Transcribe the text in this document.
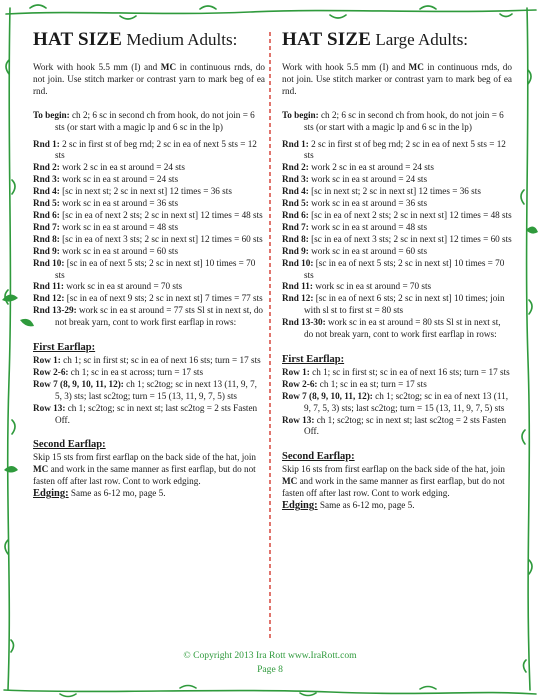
HAT SIZE Medium Adults:

Work with hook 5.5 mm (I) and MC in continuous rnds, do not join. Use stitch marker or contrast yarn to mark beg of ea rnd.

To begin: ch 2; 6 sc in second ch from hook, do not join = 6 sts (or start with a magic lp and 6 sc in the lp)

Rnd 1: 2 sc in first st of beg rnd; 2 sc in ea of next 5 sts = 12 sts

Rnd 2: work 2 sc in ea st around = 24 sts

Rnd 3: work sc in ea st around = 24 sts

Rnd 4: [sc in next st; 2 sc in next st] 12 times = 36 sts

Rnd 5: work sc in ea st around = 36 sts

Rnd 6: [sc in ea of next 2 sts; 2 sc in next st] 12 times = 48 sts

Rnd 7: work sc in ea st around = 48 sts

Rnd 8: [sc in ea of next 3 sts; 2 sc in next st] 12 times = 60 sts

Rnd 9: work sc in ea st around = 60 sts

Rnd 10: [sc in ea of next 5 sts; 2 sc in next st] 10 times = 70 sts

Rnd 11: work sc in ea st around = 70 sts

Rnd 12: [sc in ea of next 9 sts; 2 sc in next st] 7 times = 77 sts

Rnd 13-29: work sc in ea st around = 77 sts Sl st in next st, do not break yarn, cont to work first earflap in rows:

First Earflap:

Row 1: ch 1; sc in first st; sc in ea of next 16 sts; turn = 17 sts

Row 2-6: ch 1; sc in ea st across; turn = 17 sts

Row 7 (8, 9, 10, 11, 12): ch 1; sc2tog; sc in next 13 (11, 9, 7, 5, 3) sts; last sc2tog; turn = 15 (13, 11, 9, 7, 5) sts

Row 13: ch 1; sc2tog; sc in next st; last sc2tog = 2 sts Fasten Off.

Second Earflap:

Skip 15 sts from first earflap on the back side of the hat, join MC and work in the same manner as first earflap, but do not fasten off after last row. Cont to work edging.

Edging: Same as 6-12 mo, page 5.

HAT SIZE Large Adults:

Work with hook 5.5 mm (I) and MC in continuous rnds, do not join. Use stitch marker or contrast yarn to mark beg of ea rnd.

To begin: ch 2; 6 sc in second ch from hook, do not join = 6 sts (or start with a magic lp and 6 sc in the lp)

Rnd 1: 2 sc in first st of beg rnd; 2 sc in ea of next 5 sts = 12 sts

Rnd 2: work 2 sc in ea st around = 24 sts

Rnd 3: work sc in ea st around = 24 sts

Rnd 4: [sc in next st; 2 sc in next st] 12 times = 36 sts

Rnd 5: work sc in ea st around = 36 sts

Rnd 6: [sc in ea of next 2 sts; 2 sc in next st] 12 times = 48 sts

Rnd 7: work sc in ea st around = 48 sts

Rnd 8: [sc in ea of next 3 sts; 2 sc in next st] 12 times = 60 sts

Rnd 9: work sc in ea st around = 60 sts

Rnd 10: [sc in ea of next 5 sts; 2 sc in next st] 10 times = 70 sts

Rnd 11: work sc in ea st around = 70 sts

Rnd 12: [sc in ea of next 6 sts; 2 sc in next st] 10 times; join with sl st to first st = 80 sts

Rnd 13-30: work sc in ea st around = 80 sts Sl st in next st, do not break yarn, cont to work first earflap in rows:

First Earflap:

Row 1: ch 1; sc in first st; sc in ea of next 16 sts; turn = 17 sts

Row 2-6: ch 1; sc in ea st; turn = 17 sts

Row 7 (8, 9, 10, 11, 12): ch 1; sc2tog; sc in ea of next 13 (11, 9, 7, 5, 3) sts; last sc2tog; turn = 15 (13, 11, 9, 7, 5) sts

Row 13: ch 1; sc2tog; sc in next st; last sc2tog = 2 sts Fasten Off.

Second Earflap:

Skip 16 sts from first earflap on the back side of the hat, join MC and work in the same manner as first earflap, but do not fasten off after last row. Cont to work edging.

Edging: Same as 6-12 mo, page 5.

© Copyright 2013 Ira Rott www.IraRott.com
Page 8
